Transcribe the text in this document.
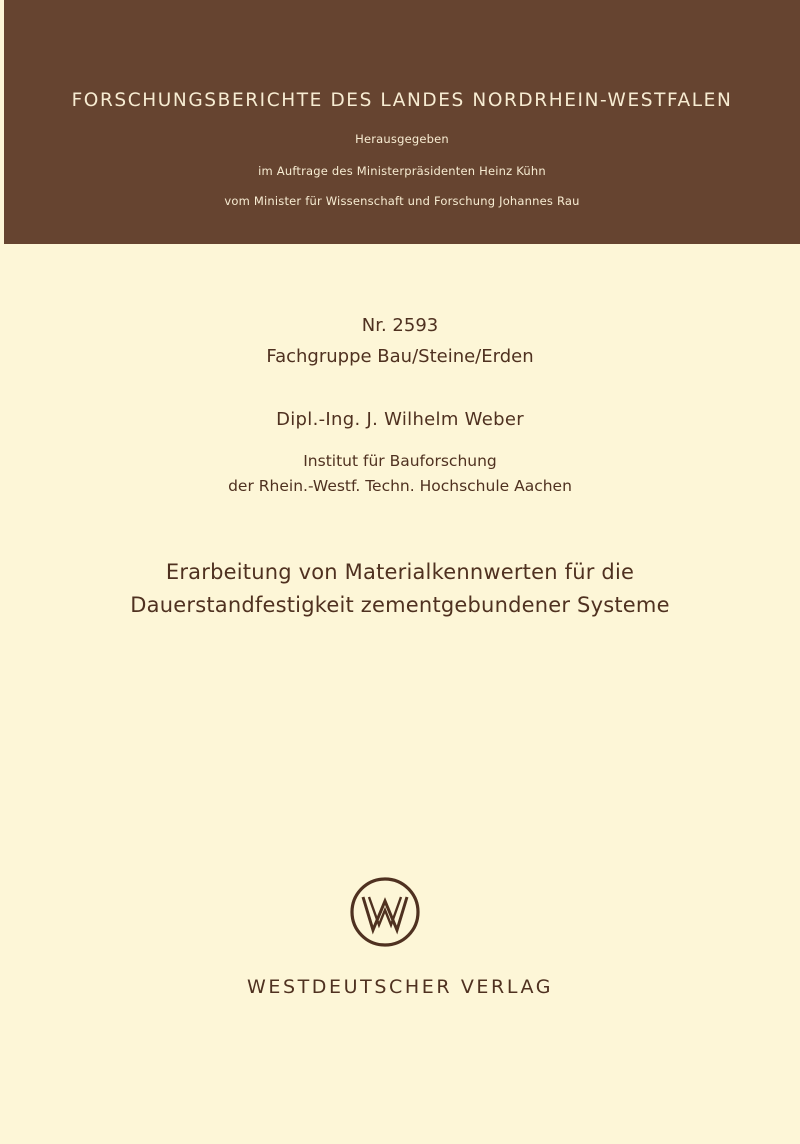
FORSCHUNGSBERICHTE DES LANDES NORDRHEIN-WESTFALEN
Herausgegeben
im Auftrage des Ministerpräsidenten Heinz Kühn
vom Minister für Wissenschaft und Forschung Johannes Rau
Nr. 2593
Fachgruppe Bau/Steine/Erden
Dipl.-Ing. J. Wilhelm Weber
Institut für Bauforschung
der Rhein.-Westf. Techn. Hochschule Aachen
Erarbeitung von Materialkennwerten für die
Dauerstandfestigkeit zementgebundener Systeme
WESTDEUTSCHER VERLAG
